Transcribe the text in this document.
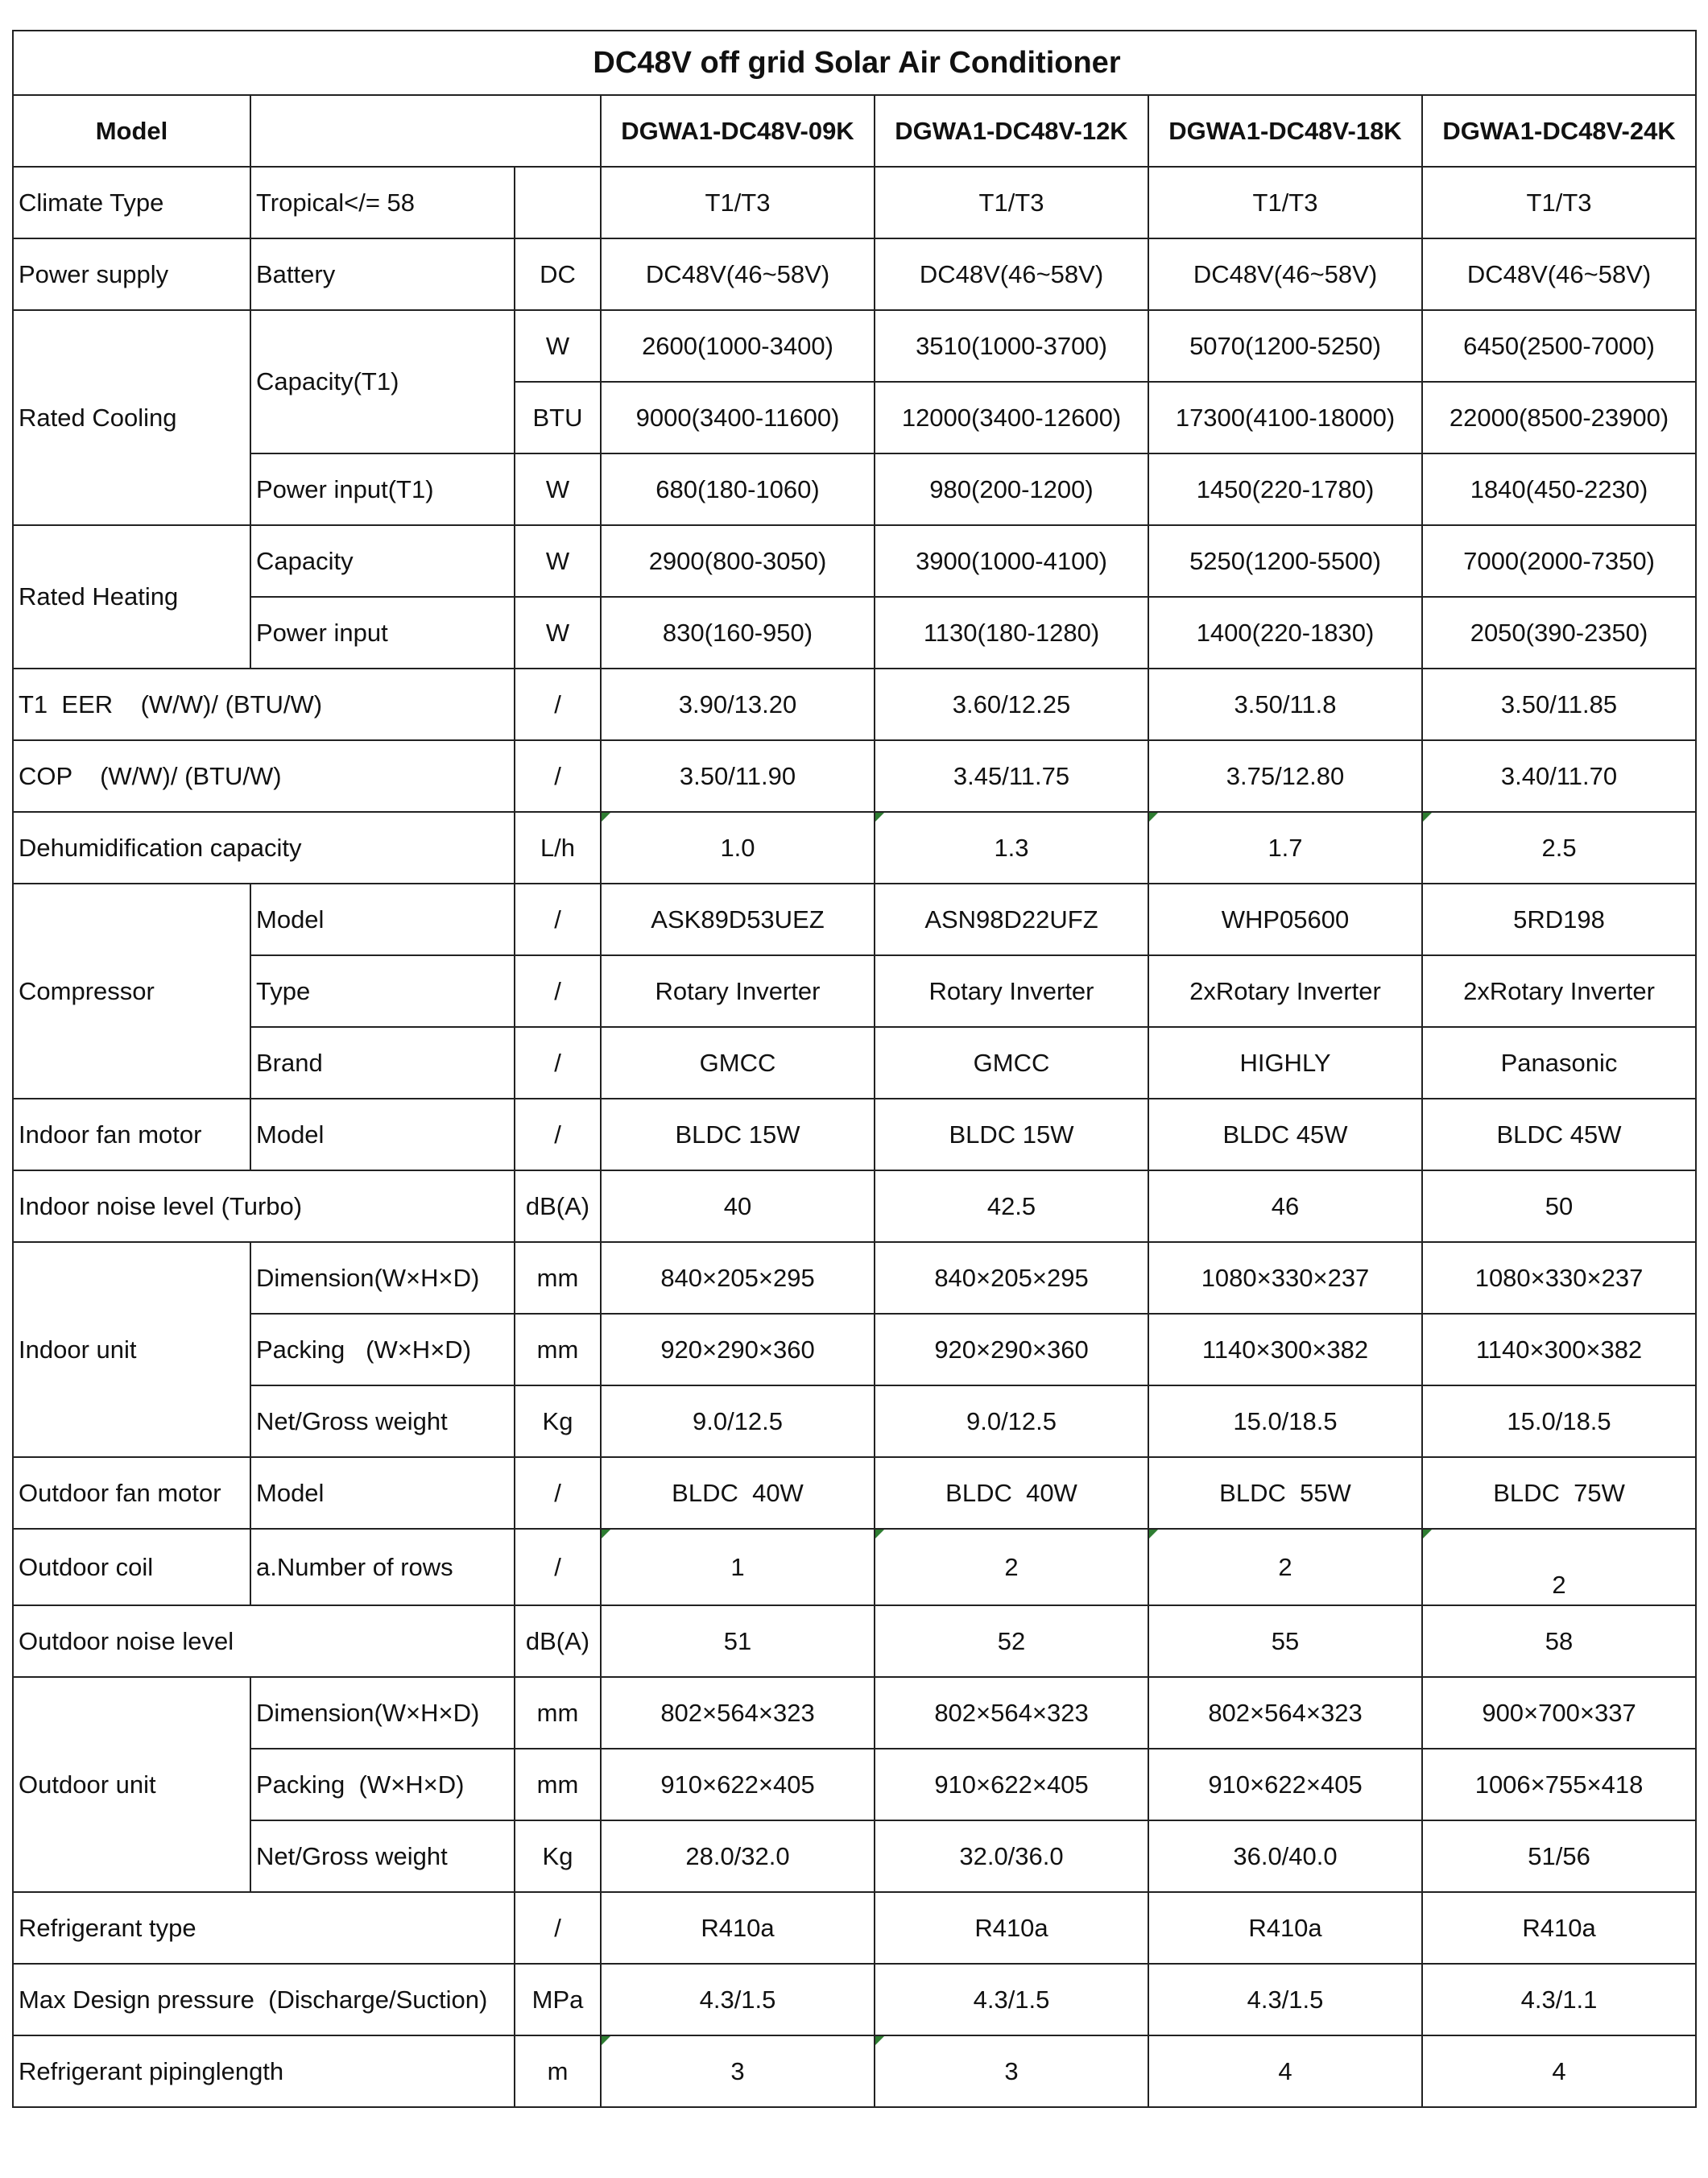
DC48V off grid Solar Air Conditioner						
Model			DGWA1-DC48V-09K	DGWA1-DC48V-12K	DGWA1-DC48V-18K	DGWA1-DC48V-24K
Climate Type	Tropical</= 58		T1/T3	T1/T3	T1/T3	T1/T3
Power supply	Battery	DC	DC48V(46~58V)	DC48V(46~58V)	DC48V(46~58V)	DC48V(46~58V)
Rated Cooling	Capacity(T1)	W	2600(1000-3400)	3510(1000-3700)	5070(1200-5250)	6450(2500-7000)
		BTU	9000(3400-11600)	12000(3400-12600)	17300(4100-18000)	22000(8500-23900)
	Power input(T1)	W	680(180-1060)	980(200-1200)	1450(220-1780)	1840(450-2230)
Rated Heating	Capacity	W	2900(800-3050)	3900(1000-4100)	5250(1200-5500)	7000(2000-7350)
	Power input	W	830(160-950)	1130(180-1280)	1400(220-1830)	2050(390-2350)
T1  EER    (W/W)/ (BTU/W)		/	3.90/13.20	3.60/12.25	3.50/11.8	3.50/11.85
COP    (W/W)/ (BTU/W)		/	3.50/11.90	3.45/11.75	3.75/12.80	3.40/11.70
Dehumidification capacity		L/h	1.0	1.3	1.7	2.5
Compressor	Model	/	ASK89D53UEZ	ASN98D22UFZ	WHP05600	5RD198
	Type	/	Rotary Inverter	Rotary Inverter	2xRotary Inverter	2xRotary Inverter
	Brand	/	GMCC	GMCC	HIGHLY	Panasonic
Indoor fan motor	Model	/	BLDC 15W	BLDC 15W	BLDC 45W	BLDC 45W
Indoor noise level (Turbo)		dB(A)	40	42.5	46	50
Indoor unit	Dimension(W×H×D)	mm	840×205×295	840×205×295	1080×330×237	1080×330×237
	Packing   (W×H×D)	mm	920×290×360	920×290×360	1140×300×382	1140×300×382
	Net/Gross weight	Kg	9.0/12.5	9.0/12.5	15.0/18.5	15.0/18.5
Outdoor fan motor	Model	/	BLDC  40W	BLDC  40W	BLDC  55W	BLDC  75W
Outdoor coil	a.Number of rows	/	1	2	2	2
Outdoor noise level		dB(A)	51	52	55	58
Outdoor unit	Dimension(W×H×D)	mm	802×564×323	802×564×323	802×564×323	900×700×337
	Packing  (W×H×D)	mm	910×622×405	910×622×405	910×622×405	1006×755×418
	Net/Gross weight	Kg	28.0/32.0	32.0/36.0	36.0/40.0	51/56
Refrigerant type		/	R410a	R410a	R410a	R410a
Max Design pressure  (Discharge/Suction)		MPa	4.3/1.5	4.3/1.5	4.3/1.5	4.3/1.1
Refrigerant pipinglength		m	3	3	4	4
